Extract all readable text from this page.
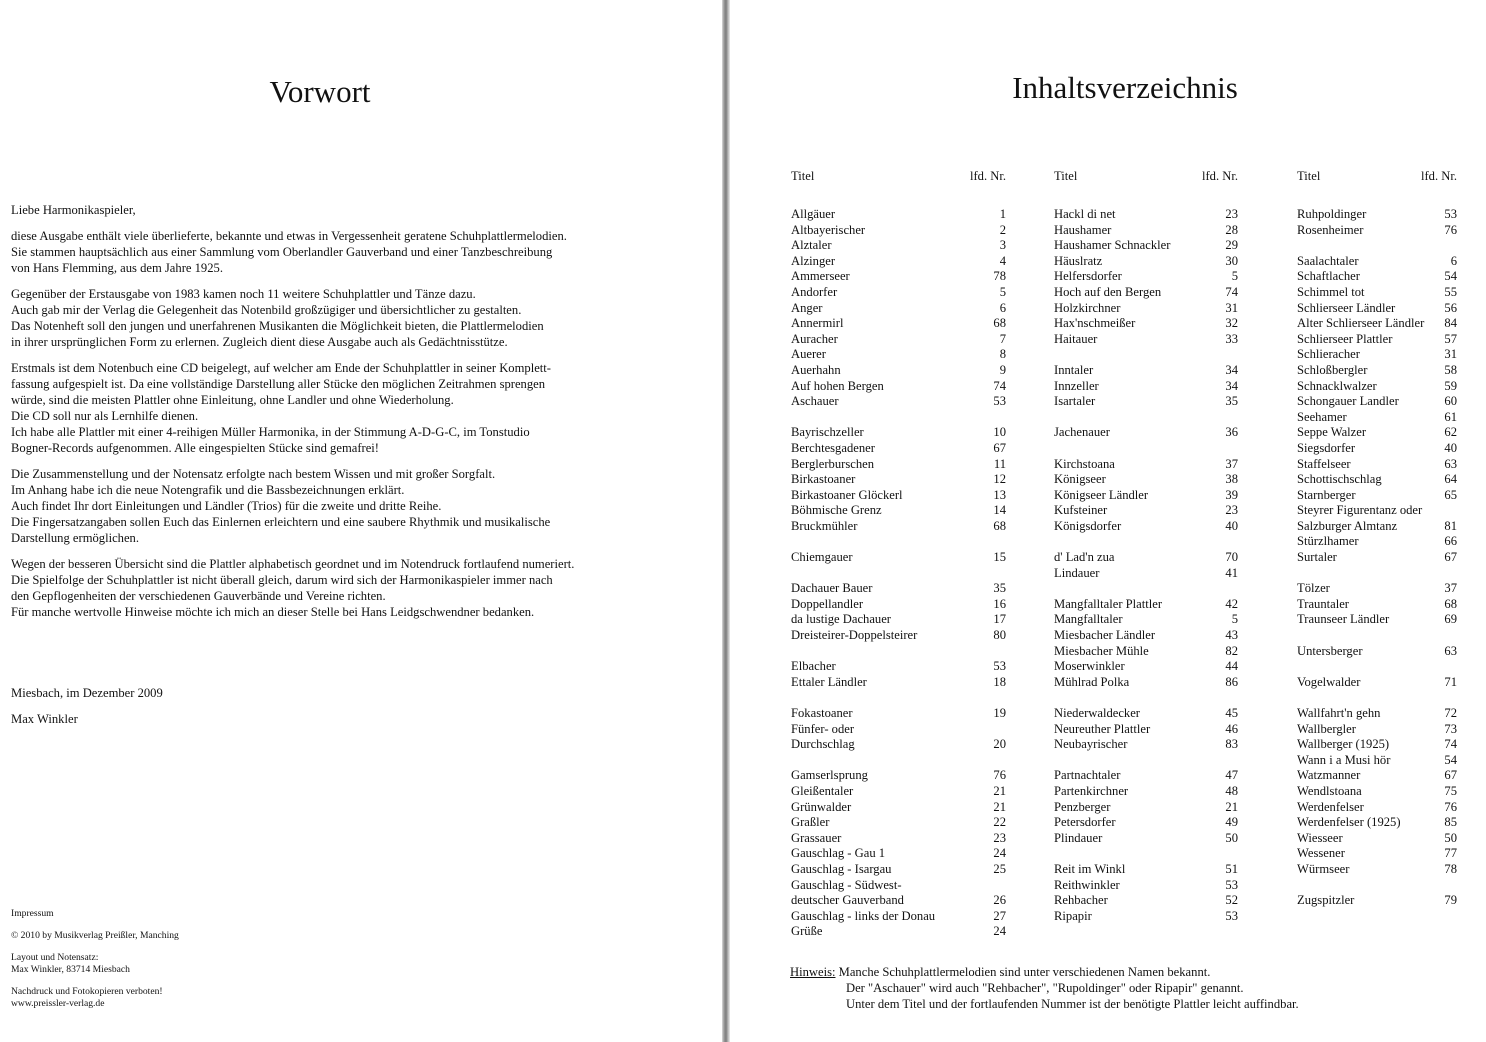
Vorwort

Liebe Harmonikaspieler,

diese Ausgabe enthält viele überlieferte, bekannte und etwas in Vergessenheit geratene Schuhplattlermelodien.
Sie stammen hauptsächlich aus einer Sammlung vom Oberlandler Gauverband und einer Tanzbeschreibung
von Hans Flemming, aus dem Jahre 1925.

Gegenüber der Erstausgabe von 1983 kamen noch 11 weitere Schuhplattler und Tänze dazu.
Auch gab mir der Verlag die Gelegenheit das Notenbild großzügiger und übersichtlicher zu gestalten.
Das Notenheft soll den jungen und unerfahrenen Musikanten die Möglichkeit bieten, die Plattlermelodien
in ihrer ursprünglichen Form zu erlernen. Zugleich dient diese Ausgabe auch als Gedächtnisstütze.

Erstmals ist dem Notenbuch eine CD beigelegt, auf welcher am Ende der Schuhplattler in seiner Komplett-
fassung aufgespielt ist. Da eine vollständige Darstellung aller Stücke den möglichen Zeitrahmen sprengen
würde, sind die meisten Plattler ohne Einleitung, ohne Landler und ohne Wiederholung.
Die CD soll nur als Lernhilfe dienen.
Ich habe alle Plattler mit einer 4-reihigen Müller Harmonika, in der Stimmung A-D-G-C, im Tonstudio
Bogner-Records aufgenommen. Alle eingespielten Stücke sind gemafrei!

Die Zusammenstellung und der Notensatz erfolgte nach bestem Wissen und mit großer Sorgfalt.
Im Anhang habe ich die neue Notengrafik und die Bassbezeichnungen erklärt.
Auch findet Ihr dort Einleitungen und Ländler (Trios) für die zweite und dritte Reihe.
Die Fingersatzangaben sollen Euch das Einlernen erleichtern und eine saubere Rhythmik und musikalische
Darstellung ermöglichen.

Wegen der besseren Übersicht sind die Plattler alphabetisch geordnet und im Notendruck fortlaufend numeriert.
Die Spielfolge der Schuhplattler ist nicht überall gleich, darum wird sich der Harmonikaspieler immer nach
den Gepflogenheiten der verschiedenen Gauverbände und Vereine richten.
Für manche wertvolle Hinweise möchte ich mich an dieser Stelle bei Hans Leidgschwendner bedanken.

Miesbach, im Dezember 2009
Max Winkler

Impressum

© 2010 by Musikverlag Preißler, Manching

Layout und Notensatz:
Max Winkler, 83714 Miesbach

Nachdruck und Fotokopieren verboten!
www.preissler-verlag.de

Inhaltsverzeichnis
Titel	lfd. Nr.
Allgäuer	1
Altbayerischer	2
Alztaler	3
Alzinger	4
Ammerseer	78
Andorfer	5
Anger	6
Annermirl	68
Auracher	7
Auerer	8
Auerhahn	9
Auf hohen Bergen	74
Aschauer	53
Bayrischzeller	10
Berchtesgadener	67
Berglerburschen	11
Birkastoaner	12
Birkastoaner Glöckerl	13
Böhmische Grenz	14
Bruckmühler	68
Chiemgauer	15
Dachauer Bauer	35
Doppellandler	16
da lustige Dachauer	17
Dreisteirer-Doppelsteirer	80
Elbacher	53
Ettaler Ländler	18
Fokastoaner	19
Fünfer- oder
Durchschlag	20
Gamserlsprung	76
Gleißentaler	21
Grünwalder	21
Graßler	22
Grassauer	23
Gauschlag - Gau 1	24
Gauschlag - Isargau	25
Gauschlag - Südwest-
deutscher Gauverband	26
Gauschlag - links der Donau	27
Grüße	24
Titel	lfd. Nr.
Hackl di net	23
Haushamer	28
Haushamer Schnackler	29
Häuslratz	30
Helfersdorfer	5
Hoch auf den Bergen	74
Holzkirchner	31
Hax'nschmeißer	32
Haitauer	33
Inntaler	34
Innzeller	34
Isartaler	35
Jachenauer	36
Kirchstoana	37
Königseer	38
Königseer Ländler	39
Kufsteiner	23
Königsdorfer	40
d' Lad'n zua	70
Lindauer	41
Mangfalltaler Plattler	42
Mangfalltaler	5
Miesbacher Ländler	43
Miesbacher Mühle	82
Moserwinkler	44
Mühlrad Polka	86
Niederwaldecker	45
Neureuther Plattler	46
Neubayrischer	83
Partnachtaler	47
Partenkirchner	48
Penzberger	21
Petersdorfer	49
Plindauer	50
Reit im Winkl	51
Reithwinkler	53
Rehbacher	52
Ripapir	53
Titel	lfd. Nr.
Ruhpoldinger	53
Rosenheimer	76
Saalachtaler	6
Schaftlacher	54
Schimmel tot	55
Schlierseer Ländler	56
Alter Schlierseer Ländler 84
Schlierseer Plattler	57
Schlieracher	31
Schloßbergler	58
Schnacklwalzer	59
Schongauer Landler	60
Seehamer	61
Seppe Walzer	62
Siegsdorfer	40
Staffelseer	63
Schottischschlag	64
Starnberger	65
Steyrer Figurentanz oder
Salzburger Almtanz	81
Stürzlhamer	66
Surtaler	67
Tölzer	37
Trauntaler	68
Traunseer Ländler	69
Untersberger	63
Vogelwalder	71
Wallfahrt'n gehn	72
Wallbergler	73
Wallberger (1925)	74
Wann i a Musi hör	54
Watzmanner	67
Wendlstoana	75
Werdenfelser	76
Werdenfelser (1925)	85
Wiesseer	50
Wessener	77
Würmseer	78
Zugspitzler	79
Hinweis: Manche Schuhplattlermelodien sind unter verschiedenen Namen bekannt.
Der "Aschauer" wird auch "Rehbacher", "Rupoldinger" oder Ripapir" genannt.
Unter dem Titel und der fortlaufenden Nummer ist der benötigte Plattler leicht auffindbar.
